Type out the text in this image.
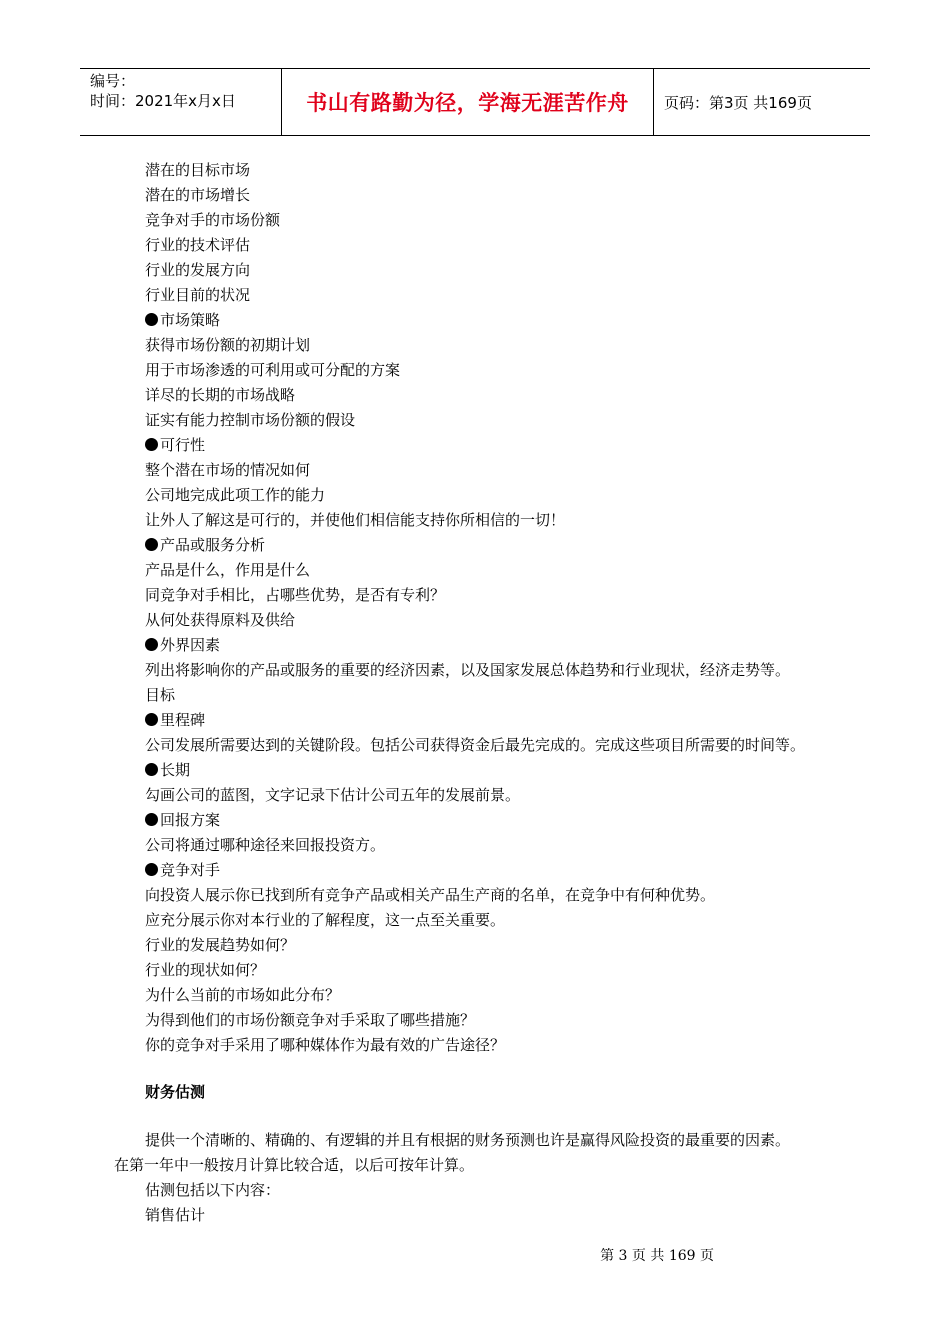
编号：
时间：2021年x月x日	书山有路勤为径，学海无涯苦作舟	页码：第3页 共169页
潜在的目标市场
潜在的市场增长
竞争对手的市场份额
行业的技术评估
行业的发展方向
行业目前的状况
市场策略
获得市场份额的初期计划
用于市场渗透的可利用或可分配的方案
详尽的长期的市场战略
证实有能力控制市场份额的假设
可行性
整个潜在市场的情况如何
公司地完成此项工作的能力
让外人了解这是可行的，并使他们相信能支持你所相信的一切！
产品或服务分析
产品是什么，作用是什么
同竞争对手相比，占哪些优势，是否有专利？
从何处获得原料及供给
外界因素
列出将影响你的产品或服务的重要的经济因素，以及国家发展总体趋势和行业现状，经济走势等。
目标
里程碑
公司发展所需要达到的关键阶段。包括公司获得资金后最先完成的。完成这些项目所需要的时间等。
长期
勾画公司的蓝图，文字记录下估计公司五年的发展前景。
回报方案
公司将通过哪种途径来回报投资方。
竞争对手
向投资人展示你已找到所有竞争产品或相关产品生产商的名单，在竞争中有何种优势。
应充分展示你对本行业的了解程度，这一点至关重要。
行业的发展趋势如何？
行业的现状如何？
为什么当前的市场如此分布？
为得到他们的市场份额竞争对手采取了哪些措施？
你的竞争对手采用了哪种媒体作为最有效的广告途径？
财务估测
提供一个清晰的、精确的、有逻辑的并且有根据的财务预测也许是赢得风险投资的最重要的因素。
在第一年中一般按月计算比较合适，以后可按年计算。
估测包括以下内容：
销售估计
第 3 页 共 169 页
